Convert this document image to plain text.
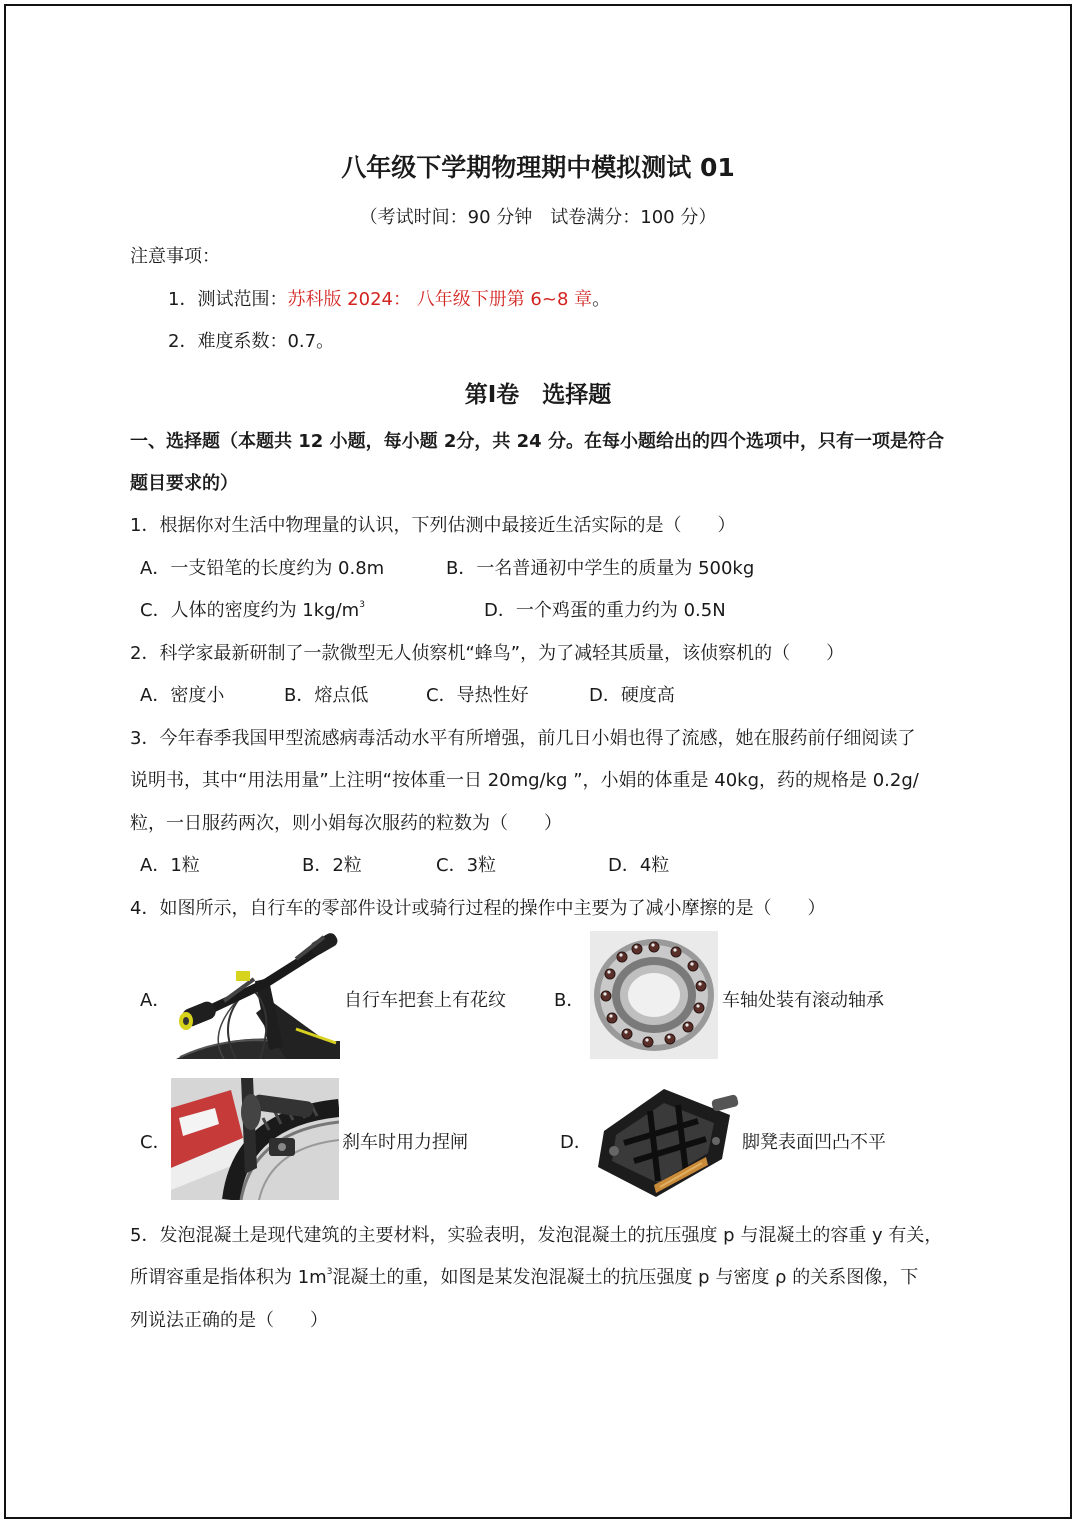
八年级下学期物理期中模拟测试 01
（考试时间：90 分钟　试卷满分：100 分）
注意事项：
1．测试范围：苏科版 2024： 八年级下册第 6~8 章。
2．难度系数：0.7。
第Ⅰ卷　选择题
一、选择题（本题共 12 小题，每小题 2分，共 24 分。在每小题给出的四个选项中，只有一项是符合
题目要求的）
1．根据你对生活中物理量的认识，下列估测中最接近生活实际的是（　　）
A．一支铅笔的长度约为 0.8m	B．一名普通初中学生的质量为 500kg
C．人体的密度约为 $1kg/m^3$	D．一个鸡蛋的重力约为 0.5N
2．科学家最新研制了一款微型无人侦察机“蜂鸟”，为了减轻其质量，该侦察机的（　　）
A．密度小	B．熔点低	C．导热性好	D．硬度高
3．今年春季我国甲型流感病毒活动水平有所增强，前几日小娟也得了流感，她在服药前仔细阅读了
说明书，其中“用法用量”上注明“按体重一日 20mg/kg ”，小娟的体重是 40kg，药的规格是 0.2g/
粒，一日服药两次，则小娟每次服药的粒数为（　　）
A．1粒	B．2粒	C．3粒	D．4粒
4．如图所示，自行车的零部件设计或骑行过程的操作中主要为了减小摩擦的是（　　）
A．	自行车把套上有花纹	B．	车轴处装有滚动轴承
C．	刹车时用力捏闸	D．	脚凳表面凹凸不平
5．发泡混凝土是现代建筑的主要材料，实验表明，发泡混凝土的抗压强度 p 与混凝土的容重 y 有关，
所谓容重是指体积为 $1m^3$混凝土的重，如图是某发泡混凝土的抗压强度 p 与密度 ρ 的关系图像，下
列说法正确的是（　　）
